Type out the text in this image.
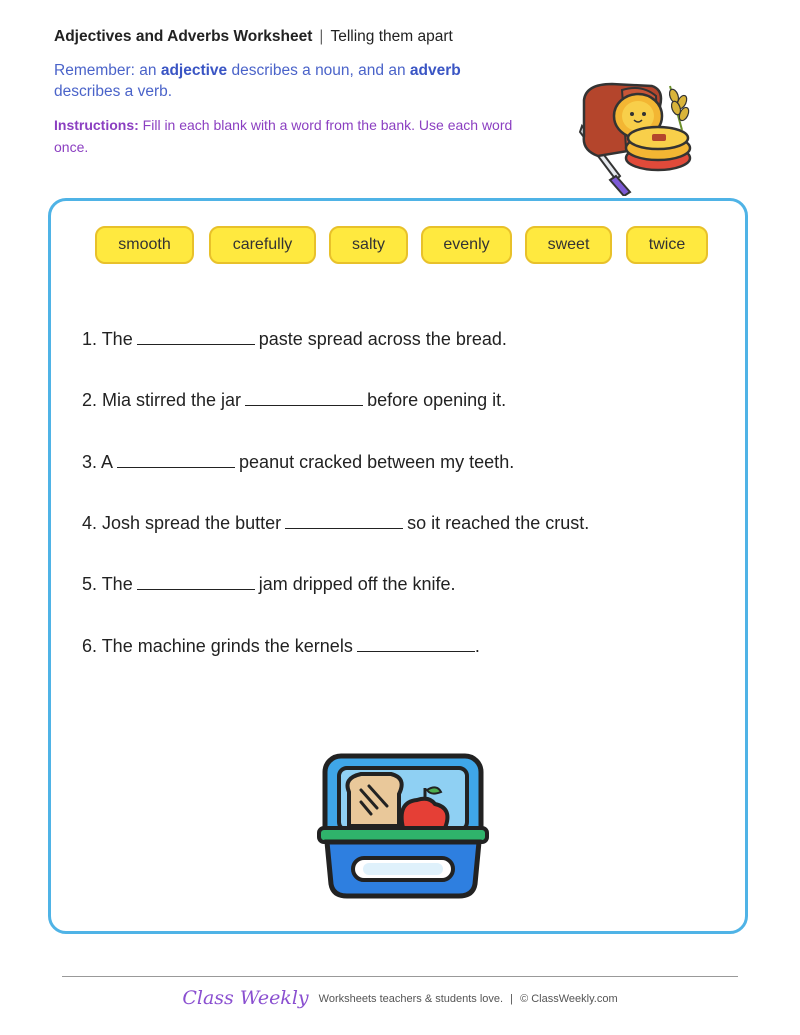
Adjectives and Adverbs Worksheet | Telling them apart
Remember: an adjective describes a noun, and an adverb describes a verb.
Instructions: Fill in each blank with a word from the bank. Use each word once.
smooth	carefully	salty	evenly	sweet	twice
1. The	paste spread across the bread.
2. Mia stirred the jar	before opening it.
3. A	peanut cracked between my teeth.
4. Josh spread the butter	so it reached the crust.
5. The	jam dripped off the knife.
6. The machine grinds the kernels	.
Class Weekly Worksheets teachers & students love. | © ClassWeekly.com
